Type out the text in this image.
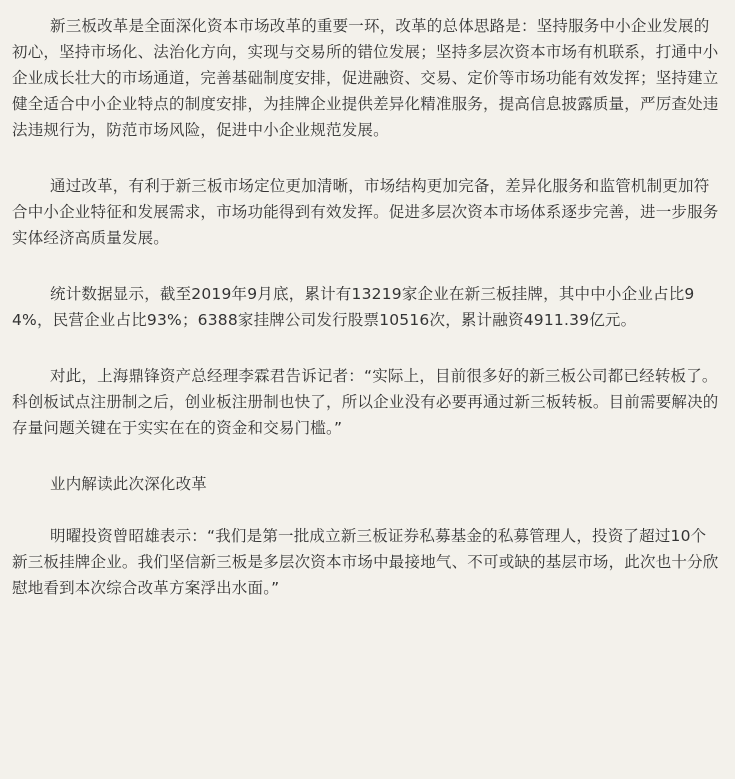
新三板改革是全面深化资本市场改革的重要一环，改革的总体思路是：坚持服务中小企业发展的初心，坚持市场化、法治化方向，实现与交易所的错位发展；坚持多层次资本市场有机联系，打通中小企业成长壮大的市场通道，完善基础制度安排，促进融资、交易、定价等市场功能有效发挥；坚持建立健全适合中小企业特点的制度安排，为挂牌企业提供差异化精准服务，提高信息披露质量，严厉查处违法违规行为，防范市场风险，促进中小企业规范发展。

通过改革，有利于新三板市场定位更加清晰，市场结构更加完备，差异化服务和监管机制更加符合中小企业特征和发展需求，市场功能得到有效发挥。促进多层次资本市场体系逐步完善，进一步服务实体经济高质量发展。

统计数据显示，截至2019年9月底，累计有13219家企业在新三板挂牌，其中中小企业占比94%，民营企业占比93%；6388家挂牌公司发行股票10516次，累计融资4911.39亿元。

对此，上海鼎锋资产总经理李霖君告诉记者：“实际上，目前很多好的新三板公司都已经转板了。科创板试点注册制之后，创业板注册制也快了，所以企业没有必要再通过新三板转板。目前需要解决的存量问题关键在于实实在在的资金和交易门槛。”

业内解读此次深化改革

明曜投资曾昭雄表示：“我们是第一批成立新三板证券私募基金的私募管理人，投资了超过10个新三板挂牌企业。我们坚信新三板是多层次资本市场中最接地气、不可或缺的基层市场，此次也十分欣慰地看到本次综合改革方案浮出水面。”
